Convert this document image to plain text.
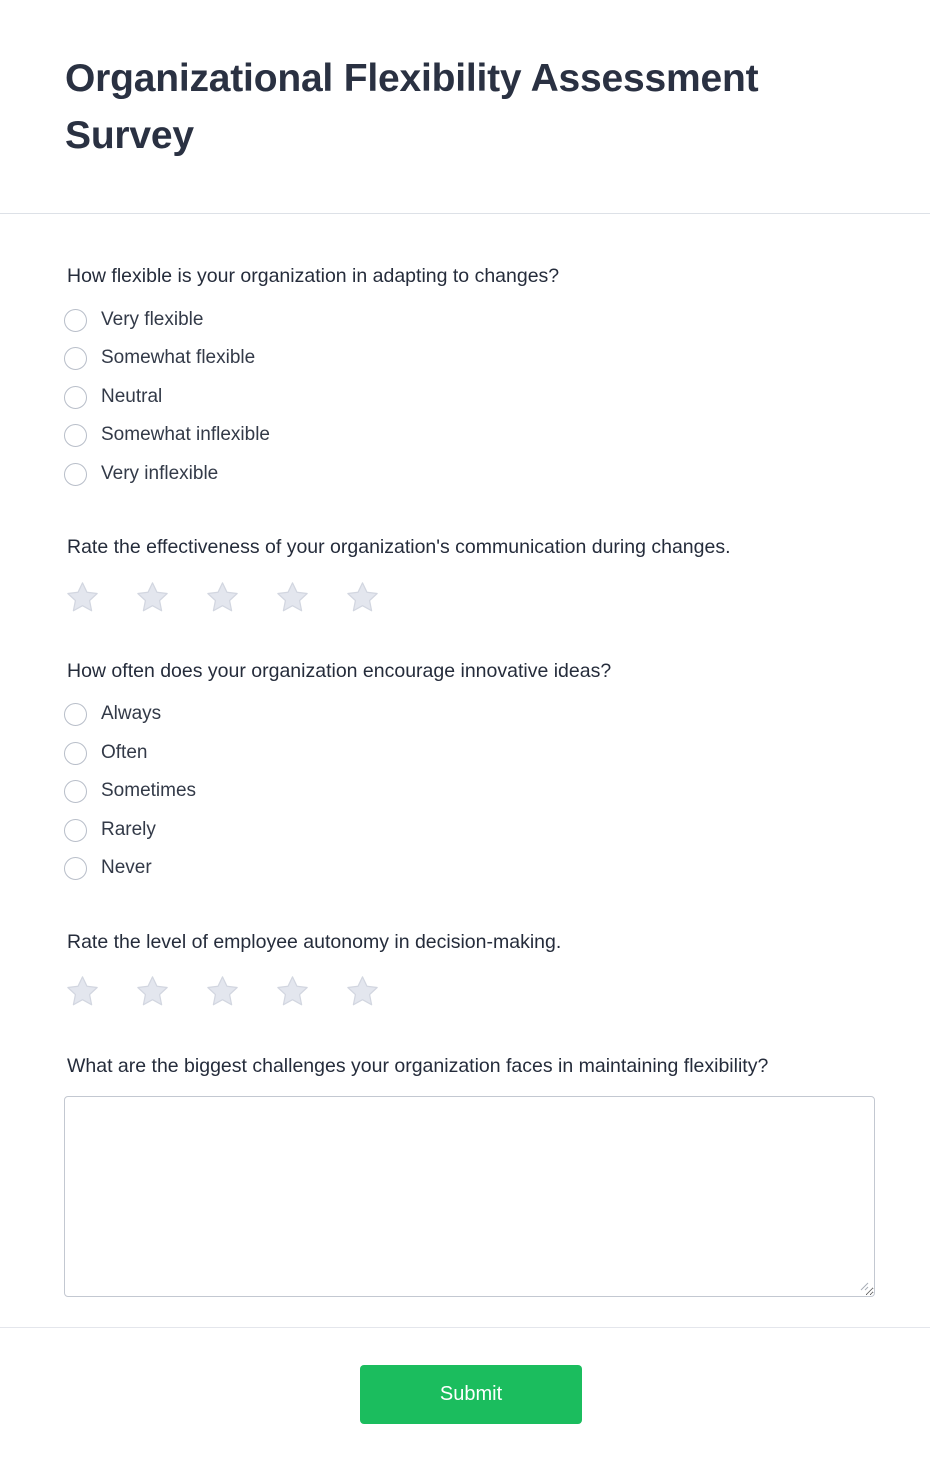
Organizational Flexibility Assessment Survey

How flexible is your organization in adapting to changes?

Very flexible
Somewhat flexible
Neutral
Somewhat inflexible
Very inflexible

Rate the effectiveness of your organization's communication during changes.

How often does your organization encourage innovative ideas?

Always
Often
Sometimes
Rarely
Never

Rate the level of employee autonomy in decision-making.

What are the biggest challenges your organization faces in maintaining flexibility?

Submit
